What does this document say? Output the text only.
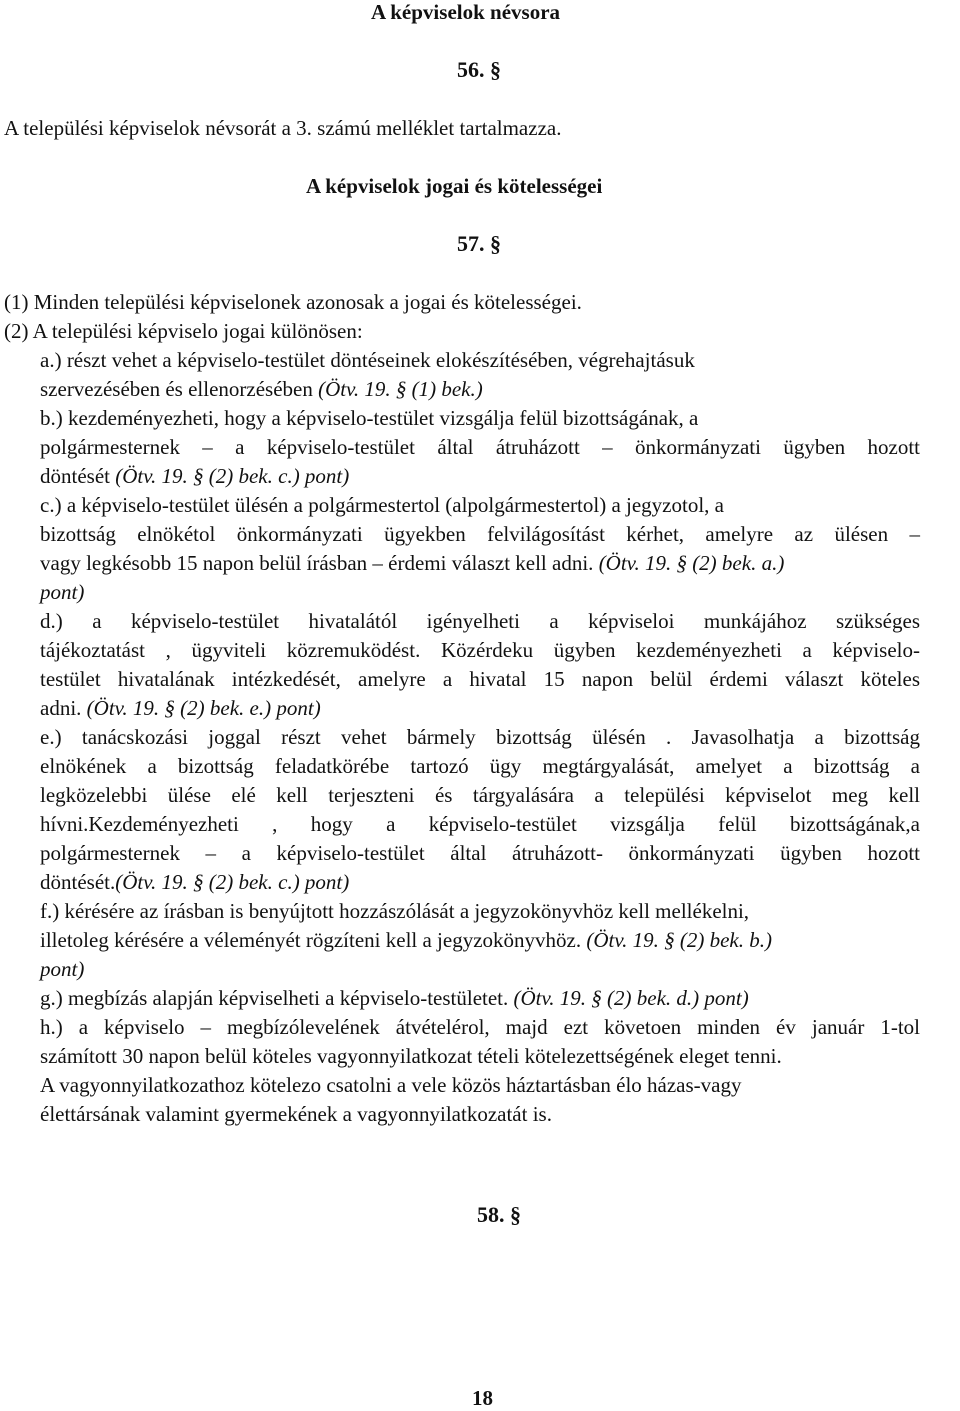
A képviselok névsora
56. §
A települési képviselok névsorát a 3. számú melléklet tartalmazza.
A képviselok jogai és kötelességei
57. §
(1) Minden települési képviselonek azonosak a jogai és kötelességei.
(2) A települési képviselo jogai különösen:
a.) részt vehet a képviselo-testület döntéseinek elokészítésében, végrehajtásuk
szervezésében és ellenorzésében (Ötv. 19. § (1) bek.)
b.) kezdeményezheti, hogy a képviselo-testület vizsgálja felül bizottságának, a
polgármesternek – a képviselo-testület által átruházott – önkormányzati ügyben hozott
döntését (Ötv. 19. § (2) bek. c.) pont)
c.) a képviselo-testület ülésén a polgármestertol (alpolgármestertol) a jegyzotol, a
bizottság elnökétol önkormányzati ügyekben felvilágosítást kérhet, amelyre az ülésen –
vagy legkésobb 15 napon belül írásban – érdemi választ kell adni. (Ötv. 19. § (2) bek. a.)
pont)
d.) a képviselo-testület hivatalától igényelheti a képviseloi munkájához szükséges
tájékoztatást , ügyviteli közremuködést. Közérdeku ügyben kezdeményezheti a képviselo-
testület hivatalának intézkedését, amelyre a hivatal 15 napon belül érdemi választ köteles
adni. (Ötv. 19. § (2) bek. e.) pont)
e.) tanácskozási joggal részt vehet bármely bizottság ülésén . Javasolhatja a bizottság
elnökének a bizottság feladatkörébe tartozó ügy megtárgyalását, amelyet a bizottság a
legközelebbi ülése elé kell terjeszteni és tárgyalására a települési képviselot meg kell
hívni.Kezdeményezheti , hogy a képviselo-testület vizsgálja felül bizottságának,a
polgármesternek – a képviselo-testület által átruházott- önkormányzati ügyben hozott
döntését.(Ötv. 19. § (2) bek. c.) pont)
f.) kérésére az írásban is benyújtott hozzászólását a jegyzokönyvhöz kell mellékelni,
illetoleg kérésére a véleményét rögzíteni kell a jegyzokönyvhöz. (Ötv. 19. § (2) bek. b.)
pont)
g.) megbízás alapján képviselheti a képviselo-testületet. (Ötv. 19. § (2) bek. d.) pont)
h.) a képviselo – megbízólevelének átvételérol, majd ezt követoen minden év január 1-tol
számított 30 napon belül köteles vagyonnyilatkozat tételi kötelezettségének eleget tenni.
A vagyonnyilatkozathoz kötelezo csatolni a vele közös háztartásban élo házas-vagy
élettársának valamint gyermekének a vagyonnyilatkozatát is.
58. §
18
